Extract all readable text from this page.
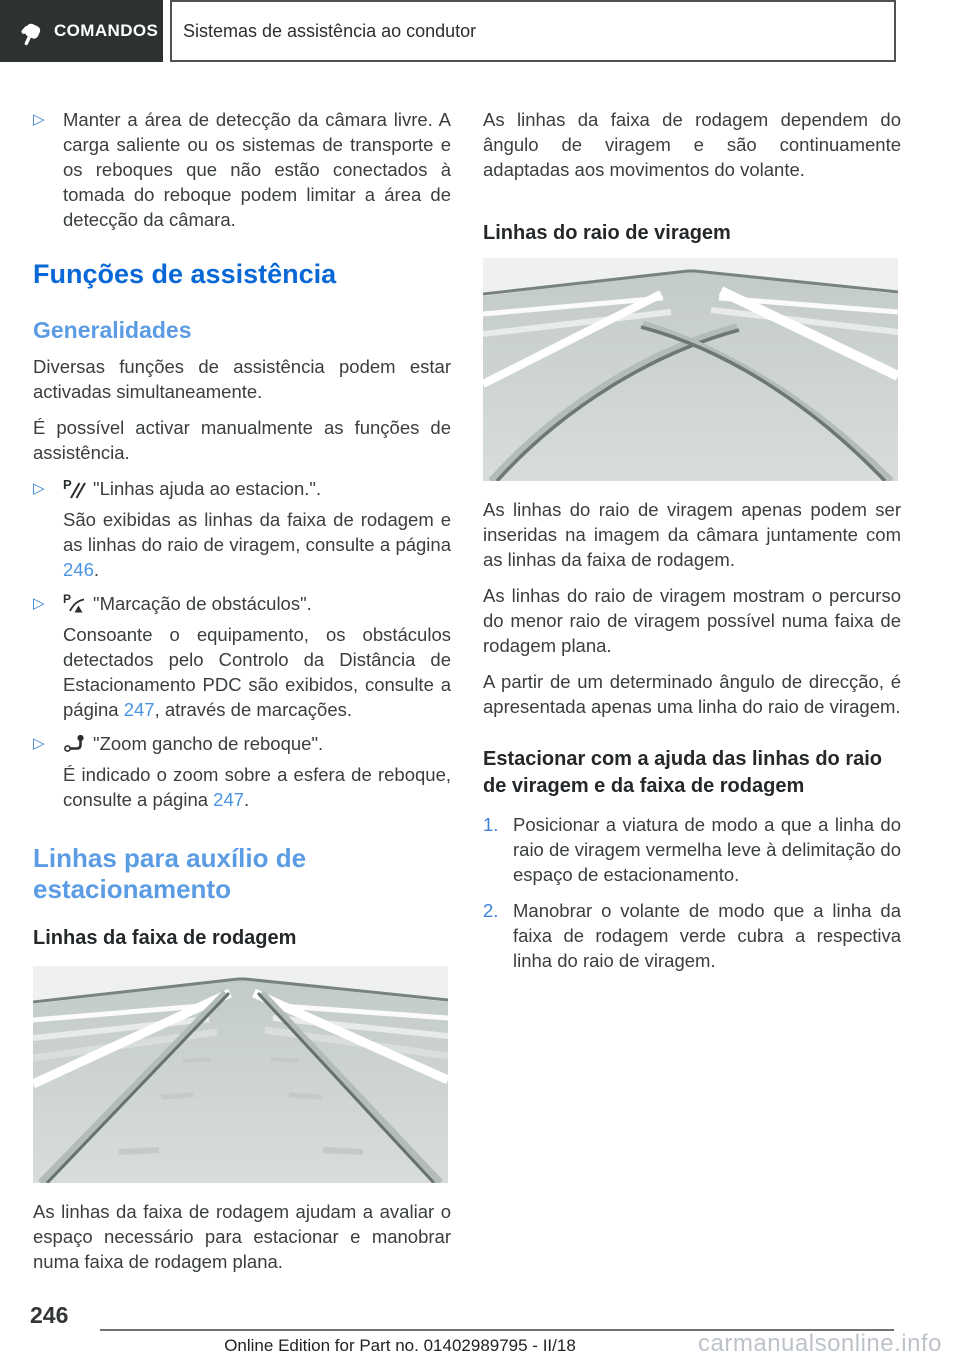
COMANDOS Sistemas de assistência ao condutor
▷ Manter a área de detecção da câmara livre. A carga saliente ou os sistemas de transporte e os reboques que não estão conectados à tomada do reboque podem limitar a área de detecção da câmara.
Funções de assistência
Generalidades

Diversas funções de assistência podem estar activadas simultaneamente.

É possível activar manualmente as funções de assistência.

▷	P "Linhas ajuda ao estacion.".
São exibidas as linhas da faixa de rodagem e as linhas do raio de viragem, consulte a página 246.
▷	P "Marcação de obstáculos".
Consoante o equipamento, os obstáculos detectados pelo Controlo da Distância de Estacionamento PDC são exibidos, consulte a página 247, através de marcações.
▷	"Zoom gancho de reboque".
É indicado o zoom sobre a esfera de reboque, consulte a página 247.
Linhas para auxílio de estacionamento
Linhas da faixa de rodagem

As linhas da faixa de rodagem ajudam a avaliar o espaço necessário para estacionar e manobrar numa faixa de rodagem plana.

As linhas da faixa de rodagem dependem do ângulo de viragem e são continuamente adaptadas aos movimentos do volante.

Linhas do raio de viragem

As linhas do raio de viragem apenas podem ser inseridas na imagem da câmara juntamente com as linhas da faixa de rodagem.

As linhas do raio de viragem mostram o percurso do menor raio de viragem possível numa faixa de rodagem plana.

A partir de um determinado ângulo de direcção, é apresentada apenas uma linha do raio de viragem.

Estacionar com a ajuda das linhas do raio de viragem e da faixa de rodagem
1. Posicionar a viatura de modo a que a linha do raio de viragem vermelha leve à delimitação do espaço de estacionamento.
2. Manobrar o volante de modo que a linha da faixa de rodagem verde cubra a respectiva linha do raio de viragem.
246
Online Edition for Part no. 01402989795 - II/18	carmanualsonline.info
